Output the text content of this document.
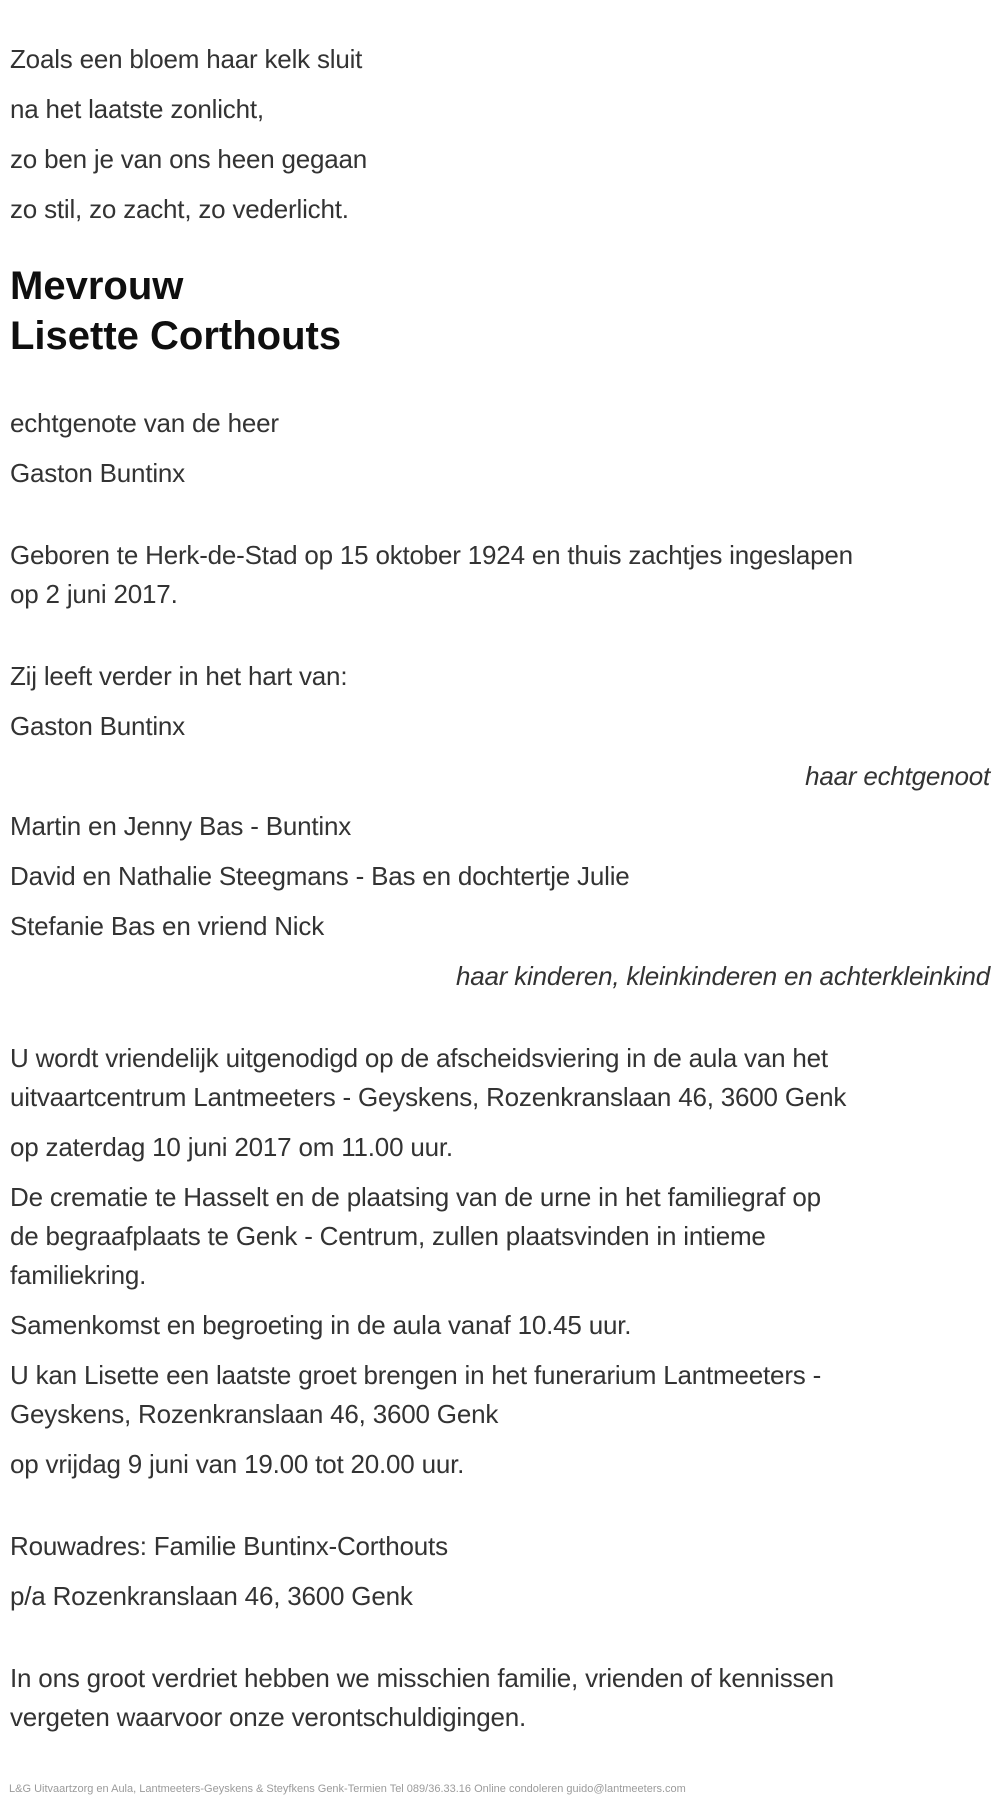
Zoals een bloem haar kelk sluit
na het laatste zonlicht,
zo ben je van ons heen gegaan
zo stil, zo zacht, zo vederlicht.
Mevrouw
Lisette Corthouts
echtgenote van de heer
Gaston Buntinx
Geboren te Herk-de-Stad op 15 oktober 1924 en thuis zachtjes ingeslapen
op 2 juni 2017.
Zij leeft verder in het hart van:
Gaston Buntinx
haar echtgenoot
Martin en Jenny Bas - Buntinx
David en Nathalie Steegmans - Bas en dochtertje Julie
Stefanie Bas en vriend Nick
haar kinderen, kleinkinderen en achterkleinkind
U wordt vriendelijk uitgenodigd op de afscheidsviering in de aula van het
uitvaartcentrum Lantmeeters - Geyskens, Rozenkranslaan 46, 3600 Genk
op zaterdag 10 juni 2017 om 11.00 uur.
De crematie te Hasselt en de plaatsing van de urne in het familiegraf op
de begraafplaats te Genk - Centrum, zullen plaatsvinden in intieme
familiekring.
Samenkomst en begroeting in de aula vanaf 10.45 uur.
U kan Lisette een laatste groet brengen in het funerarium Lantmeeters -
Geyskens, Rozenkranslaan 46, 3600 Genk
op vrijdag 9 juni van 19.00 tot 20.00 uur.
Rouwadres: Familie Buntinx-Corthouts
p/a Rozenkranslaan 46, 3600 Genk
In ons groot verdriet hebben we misschien familie, vrienden of kennissen
vergeten waarvoor onze verontschuldigingen.
L&G Uitvaartzorg en Aula, Lantmeeters-Geyskens & Steyfkens Genk-Termien Tel 089/36.33.16 Online condoleren guido@lantmeeters.com
